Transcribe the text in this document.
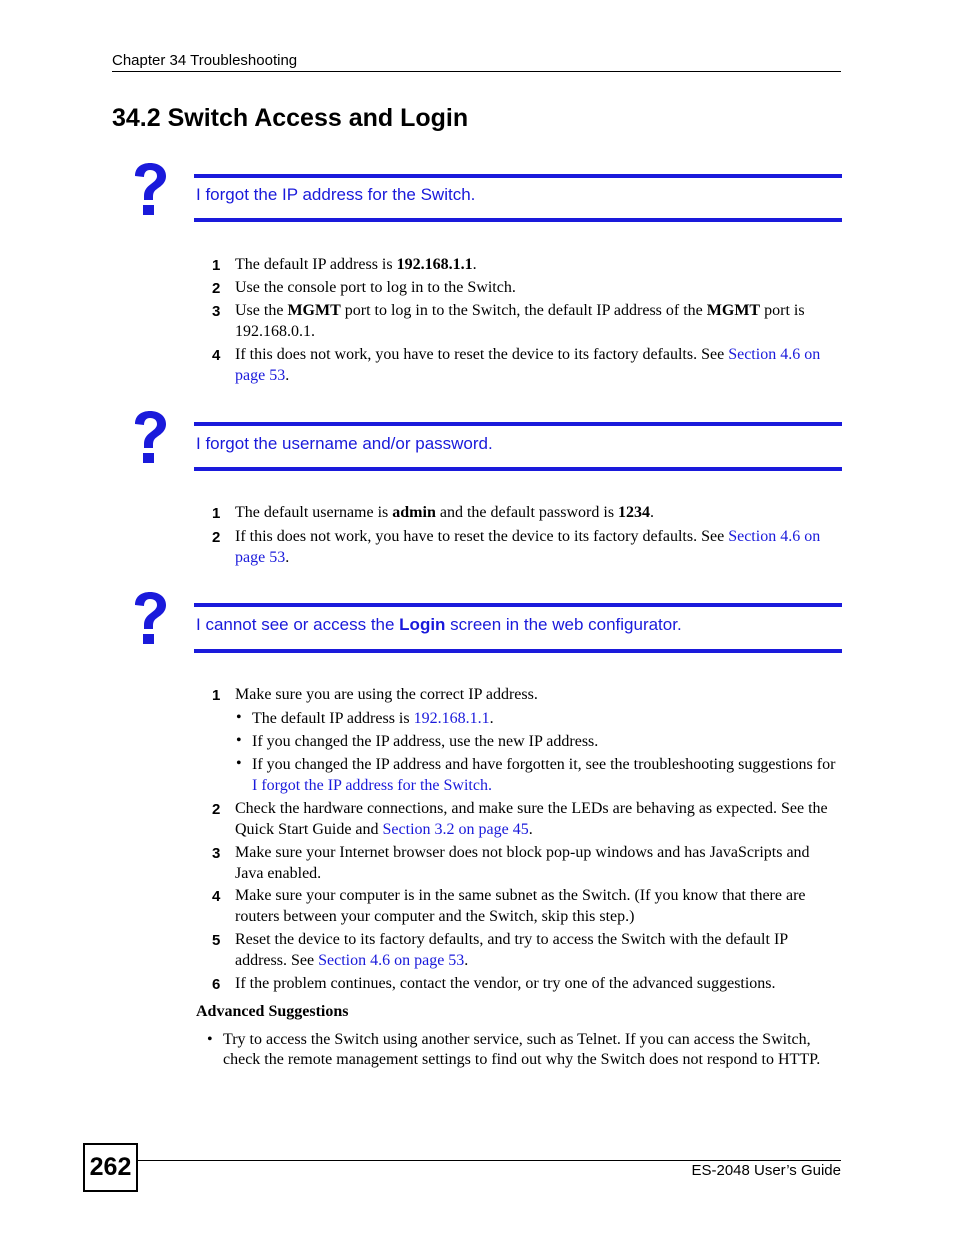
Chapter 34 Troubleshooting
34.2 Switch Access and Login
I forgot the IP address for the Switch.
1 The default IP address is 192.168.1.1.
2 Use the console port to log in to the Switch.
3 Use the MGMT port to log in to the Switch, the default IP address of the MGMT port is 192.168.0.1.
4 If this does not work, you have to reset the device to its factory defaults. See Section 4.6 on page 53.
I forgot the username and/or password.
1 The default username is admin and the default password is 1234.
2 If this does not work, you have to reset the device to its factory defaults. See Section 4.6 on page 53.
I cannot see or access the Login screen in the web configurator.
1 Make sure you are using the correct IP address.
• The default IP address is 192.168.1.1.
• If you changed the IP address, use the new IP address.
• If you changed the IP address and have forgotten it, see the troubleshooting suggestions for I forgot the IP address for the Switch.
2 Check the hardware connections, and make sure the LEDs are behaving as expected. See the Quick Start Guide and Section 3.2 on page 45.
3 Make sure your Internet browser does not block pop-up windows and has JavaScripts and Java enabled.
4 Make sure your computer is in the same subnet as the Switch. (If you know that there are routers between your computer and the Switch, skip this step.)
5 Reset the device to its factory defaults, and try to access the Switch with the default IP address. See Section 4.6 on page 53.
6 If the problem continues, contact the vendor, or try one of the advanced suggestions.
Advanced Suggestions
• Try to access the Switch using another service, such as Telnet. If you can access the Switch, check the remote management settings to find out why the Switch does not respond to HTTP.
262	ES-2048 User’s Guide
